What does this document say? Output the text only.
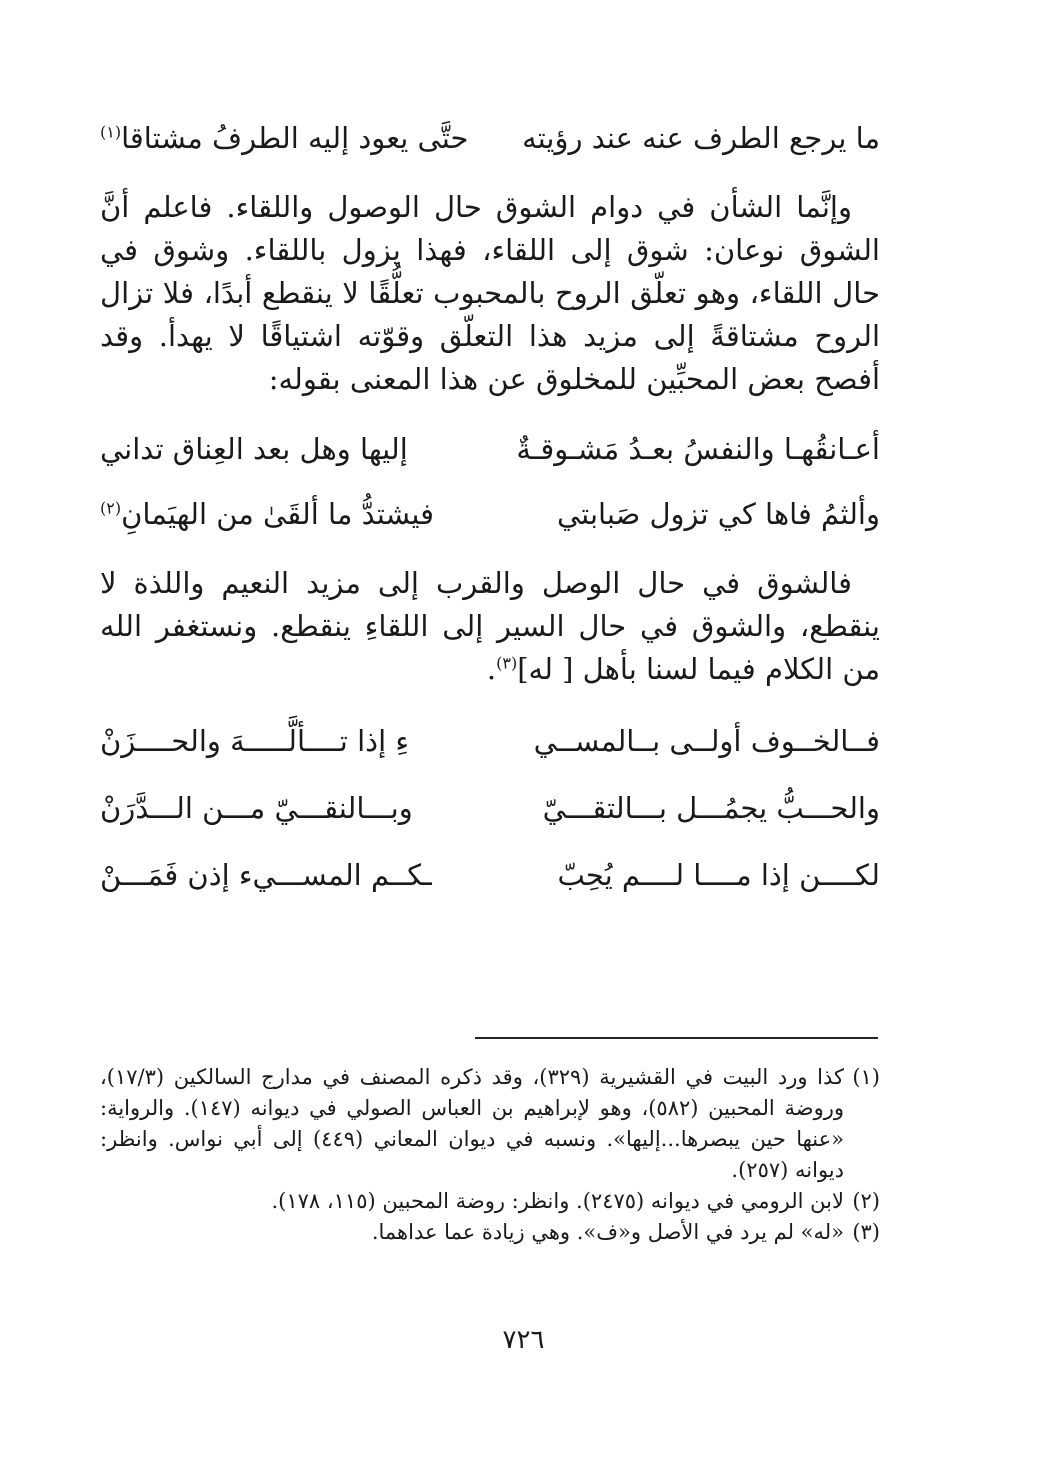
ما يرجع الطرف عنه عند رؤيته
حتَّى يعود إليه الطرفُ مشتاقا$^{(١)}$

وإنَّما الشأن في دوام الشوق حال الوصول واللقاء. فاعلم أنَّ الشوق نوعان: شوق إلى اللقاء، فهذا يزول باللقاء. وشوق في حال اللقاء، وهو تعلّق الروح بالمحبوب تعلُّقًا لا ينقطع أبدًا، فلا تزال الروح مشتاقةً إلى مزيد هذا التعلّق وقوّته اشتياقًا لا يهدأ. وقد أفصح بعض المحبِّين للمخلوق عن هذا المعنى بقوله:

أعـانقُهـا والنفسُ بعـدُ مَشـوقـةٌ
إليها وهل بعد العِناق تداني
وألثمُ فاها كي تزول صَبابتي
فيشتدُّ ما ألقَىٰ من الهيَمانِ$^{(٢)}$

فالشوق في حال الوصل والقرب إلى مزيد النعيم واللذة لا ينقطع، والشوق في حال السير إلى اللقاءِ ينقطع. ونستغفر الله من الكلام فيما لسنا بأهل [ له]$^{(٣)}$.

فــالخــوف أولــى بــالمســي
ءِ إذا تــــألَّـــــهَ والحــــزَنْ
والحـــبُّ يجمُـــل بـــالتقـــيّ
وبـــالنقـــيّ مـــن الـــدَّرَنْ
لكــــن إذا مــــا لــــم يُحِبّ
ـكــم المســـيء إذن فَمَـــنْ
(١)
كذا ورد البيت في القشيرية (٣٢٩)، وقد ذكره المصنف في مدارج السالكين (١٧/٣)، وروضة المحبين (٥٨٢)، وهو لإبراهيم بن العباس الصولي في ديوانه (١٤٧). والرواية: «عنها حين يبصرها...إليها». ونسبه في ديوان المعاني (٤٤٩) إلى أبي نواس. وانظر: ديوانه (٢٥٧).
(٢)
لابن الرومي في ديوانه (٢٤٧٥). وانظر: روضة المحبين (١١٥، ١٧٨).
(٣)
«له» لم يرد في الأصل و«ف». وهي زيادة عما عداهما.
٧٢٦
